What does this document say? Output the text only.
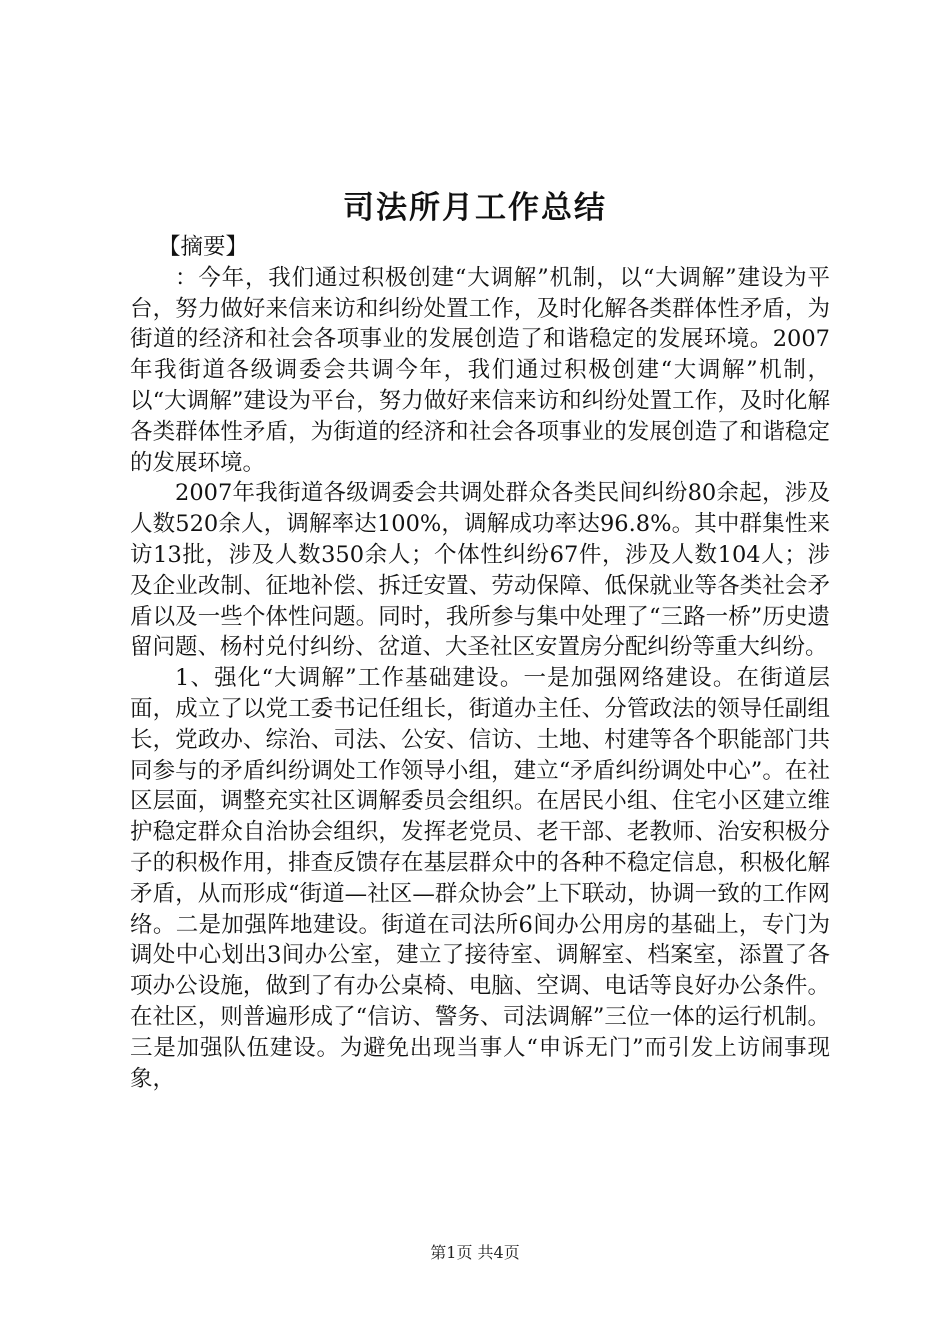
司法所月工作总结

【摘要】

：今年，我们通过积极创建“大调解”机制，以“大调解”建设为平台，努力做好来信来访和纠纷处置工作，及时化解各类群体性矛盾，为街道的经济和社会各项事业的发展创造了和谐稳定的发展环境。2007年我街道各级调委会共调今年，我们通过积极创建“大调解”机制，以“大调解”建设为平台，努力做好来信来访和纠纷处置工作，及时化解各类群体性矛盾，为街道的经济和社会各项事业的发展创造了和谐稳定的发展环境。

2007年我街道各级调委会共调处群众各类民间纠纷80余起，涉及人数520余人，调解率达100%，调解成功率达96.8%。其中群集性来访13批，涉及人数350余人；个体性纠纷67件，涉及人数104人；涉及企业改制、征地补偿、拆迁安置、劳动保障、低保就业等各类社会矛盾以及一些个体性问题。同时，我所参与集中处理了“三路一桥”历史遗留问题、杨村兑付纠纷、岔道、大圣社区安置房分配纠纷等重大纠纷。

1、强化“大调解”工作基础建设。一是加强网络建设。在街道层面，成立了以党工委书记任组长，街道办主任、分管政法的领导任副组长，党政办、综治、司法、公安、信访、土地、村建等各个职能部门共同参与的矛盾纠纷调处工作领导小组，建立“矛盾纠纷调处中心”。在社区层面，调整充实社区调解委员会组织。在居民小组、住宅小区建立维护稳定群众自治协会组织，发挥老党员、老干部、老教师、治安积极分子的积极作用，排查反馈存在基层群众中的各种不稳定信息，积极化解矛盾，从而形成“街道—社区—群众协会”上下联动，协调一致的工作网络。二是加强阵地建设。街道在司法所6间办公用房的基础上，专门为调处中心划出3间办公室，建立了接待室、调解室、档案室，添置了各项办公设施，做到了有办公桌椅、电脑、空调、电话等良好办公条件。在社区，则普遍形成了“信访、警务、司法调解”三位一体的运行机制。三是加强队伍建设。为避免出现当事人“申诉无门”而引发上访闹事现象，

第1页 共4页
